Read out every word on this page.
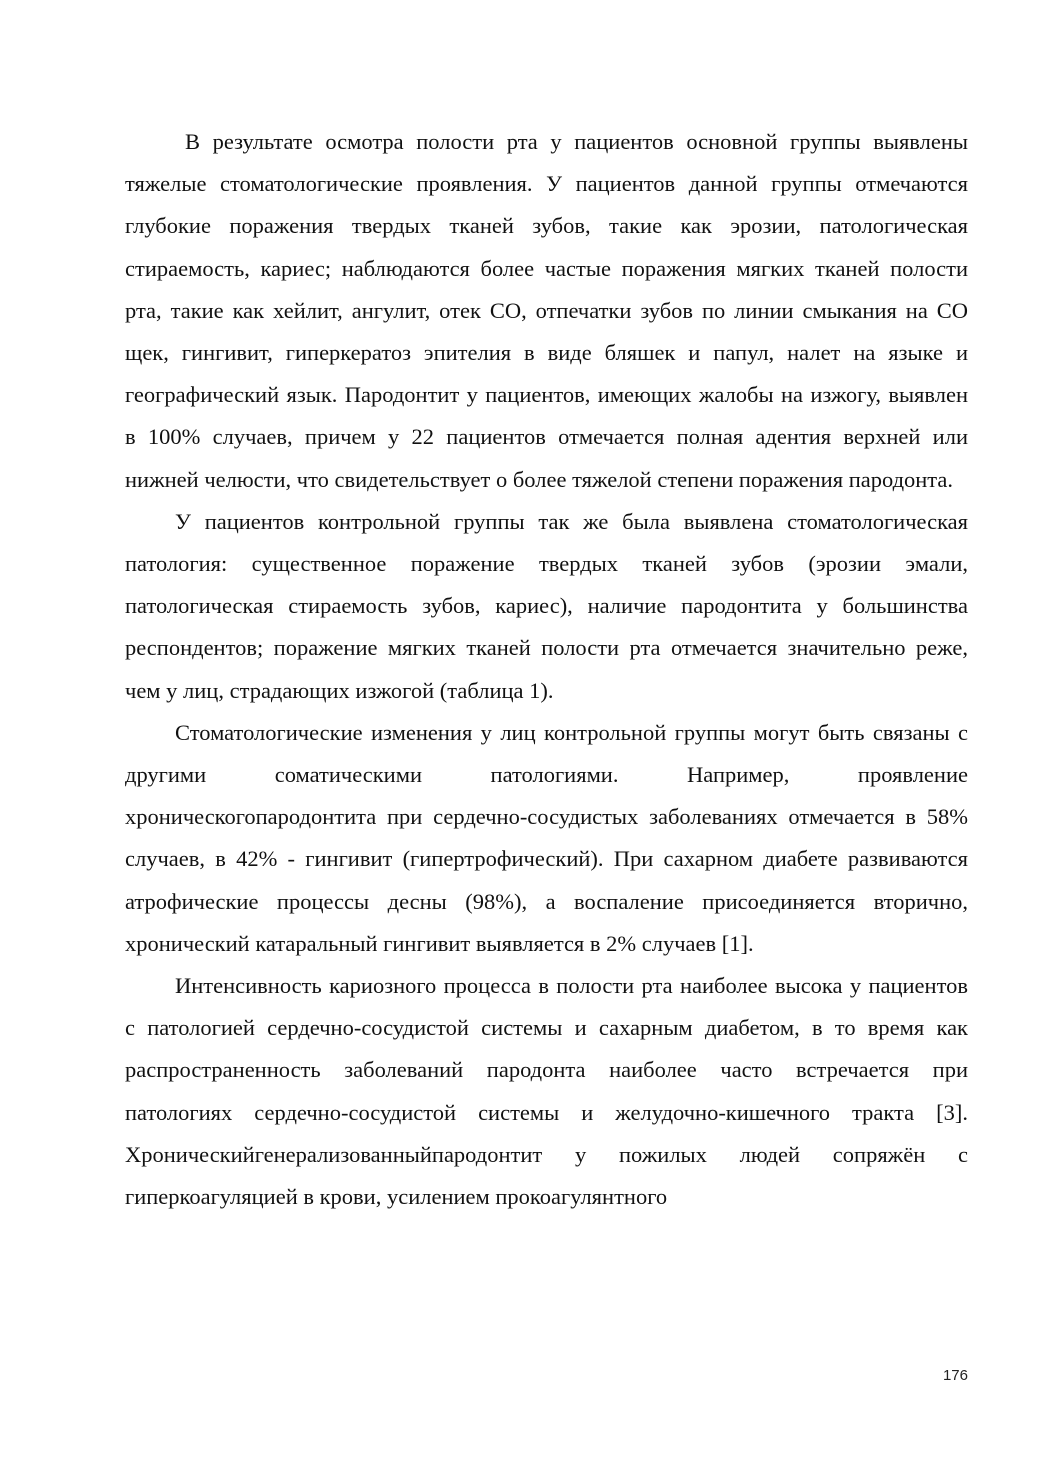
В результате осмотра полости рта у пациентов основной группы выявлены тяжелые стоматологические проявления. У пациентов данной группы отмечаются глубокие поражения твердых тканей зубов, такие как эрозии, патологическая стираемость, кариес; наблюдаются более частые поражения мягких тканей полости рта, такие как хейлит, ангулит, отек СО, отпечатки зубов по линии смыкания на СО щек, гингивит, гиперкератоз эпителия в виде бляшек и папул, налет на языке и географический язык. Пародонтит у пациентов, имеющих жалобы на изжогу, выявлен в 100% случаев, причем у 22 пациентов отмечается полная адентия верхней или нижней челюсти, что свидетельствует о более тяжелой степени поражения пародонта.

У пациентов контрольной группы так же была выявлена стоматологическая патология: существенное поражение твердых тканей зубов (эрозии эмали, патологическая стираемость зубов, кариес), наличие пародонтита у большинства респондентов; поражение мягких тканей полости рта отмечается значительно реже, чем у лиц, страдающих изжогой (таблица 1).

Стоматологические изменения у лиц контрольной группы могут быть связаны с другими соматическими патологиями. Например, проявление хроническогопародонтита при сердечно-сосудистых заболеваниях отмечается в 58% случаев, в 42% - гингивит (гипертрофический). При сахарном диабете развиваются атрофические процессы десны (98%), а воспаление присоединяется вторично, хронический катаральный гингивит выявляется в 2% случаев [1].

Интенсивность кариозного процесса в полости рта наиболее высока у пациентов с патологией сердечно-сосудистой системы и сахарным диабетом, в то время как распространенность заболеваний пародонта наиболее часто встречается при патологиях сердечно-сосудистой системы и желудочно-кишечного тракта [3]. Хроническийгенерализованныйпародонтит у пожилых людей сопряжён с гиперкоагуляцией в крови, усилением прокоагулянтного

176
